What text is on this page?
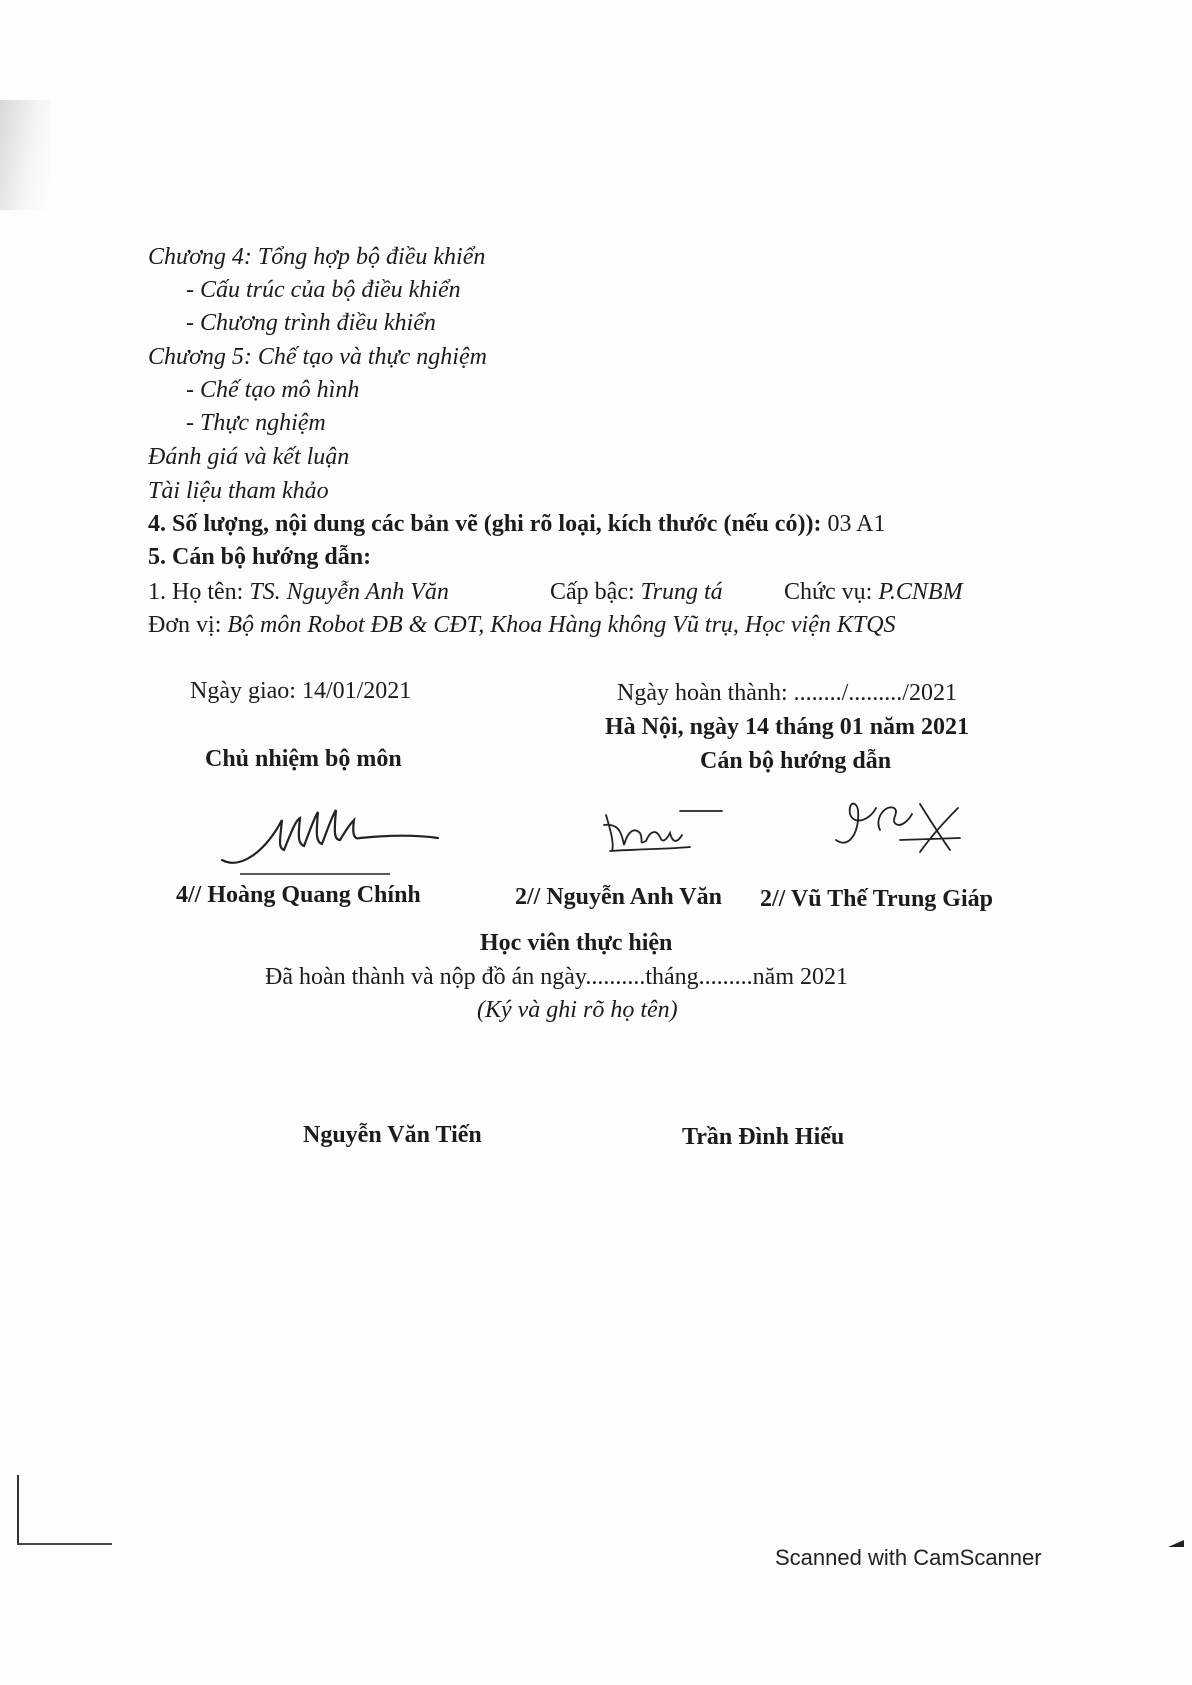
Chương 4: Tổng hợp bộ điều khiển
- Cấu trúc của bộ điều khiển
- Chương trình điều khiển
Chương 5: Chế tạo và thực nghiệm
- Chế tạo mô hình
- Thực nghiệm
Đánh giá và kết luận
Tài liệu tham khảo
4. Số lượng, nội dung các bản vẽ (ghi rõ loại, kích thước (nếu có)): 03 A1
5. Cán bộ hướng dẫn:
1. Họ tên: TS. Nguyễn Anh Văn	Cấp bậc: Trung tá	Chức vụ: P.CNBM
Đơn vị: Bộ môn Robot ĐB & CĐT, Khoa Hàng không Vũ trụ, Học viện KTQS
Ngày giao: 14/01/2021	Ngày hoàn thành: ......../........./2021
Hà Nội, ngày 14 tháng 01 năm 2021
Chủ nhiệm bộ môn	Cán bộ hướng dẫn
4// Hoàng Quang Chính	2// Nguyễn Anh Văn 2// Vũ Thế Trung Giáp
Học viên thực hiện
Đã hoàn thành và nộp đồ án ngày..........tháng.........năm 2021
(Ký và ghi rõ họ tên)
Nguyễn Văn Tiến	Trần Đình Hiếu
Scanned with CamScanner
